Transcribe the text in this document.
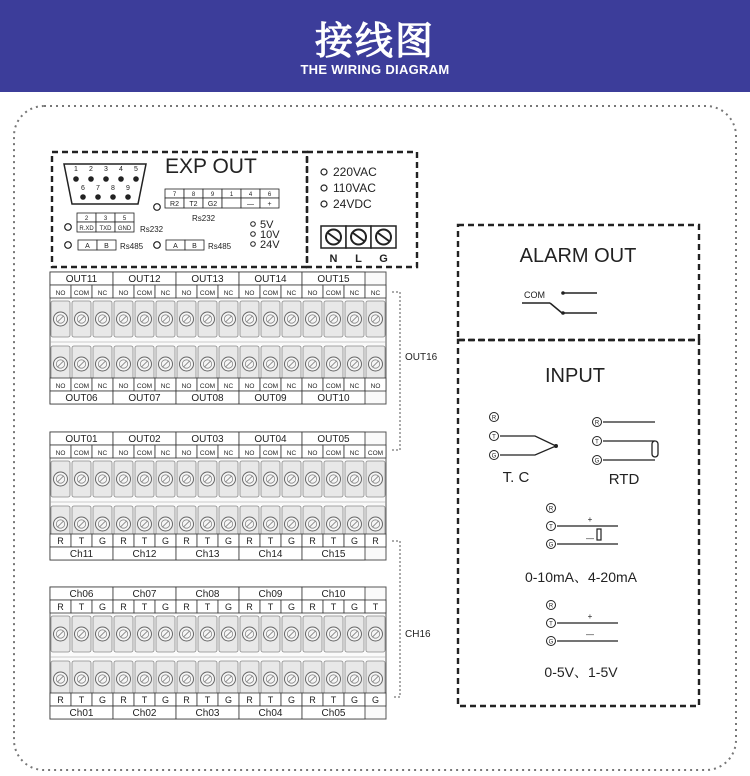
接线图
THE WIRING DIAGRAM
EXP OUT
1 2 3 4 5
6 7 8 9
2
R.XD
3
TXD
5
GND Rs232
A B Rs485
7
R2
8
T2
9
G2
1	4
—
6
+
Rs232
A B Rs485
5V
10V
24V
220VAC
110VAC
24VDC
N L G
OUT11	OUT12	OUT13	OUT14	OUT15
NO COM NC NO COM NC NO COM NC NO COM NC NO COM NC NC
NO COM NC NO COM NC NO COM NC NO COM NC NO COM NC NO
OUT06	OUT07	OUT08	OUT09	OUT10
OUT01	OUT02	OUT03	OUT04	OUT05
NO COM NC NO COM NC NO COM NC NO COM NC NO COM NC COM
R T G R T G R T G R T G R T G R
Ch11	Ch12	Ch13	Ch14	Ch15
Ch06	Ch07	Ch08	Ch09	Ch10
R T G R T G R T G R T G R T G T
R T G R T G R T G R T G R T G G
Ch01	Ch02	Ch03	Ch04	Ch05
OUT16
CH16
ALARM OUT
COM
INPUT
R
T
G
T. C
R
T
G
RTD
R
T
G
+
—
0-10mA、4-20mA
R
T
G
+
—
0-5V、1-5V
